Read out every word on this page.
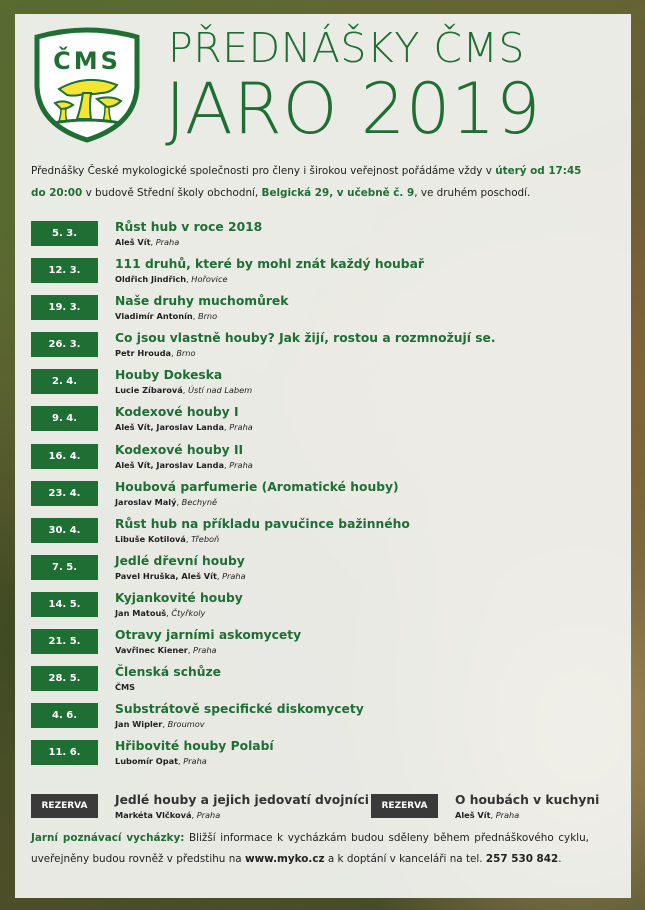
ČMS PŘEDNÁŠKY ČMS
JARO 2019
Přednášky České mykologické společnosti pro členy i širokou veřejnost pořádáme vždy v úterý od 17:45 do 20:00 v budově Střední školy obchodní, Belgická 29, v učebně č. 9, ve druhém poschodí.
5. 3.	Růst hub v roce 2018
Aleš Vít, Praha
12. 3.	111 druhů, které by mohl znát každý houbař
Oldřich Jindřich, Hořovice
19. 3.	Naše druhy muchomůrek
Vladimír Antonín, Brno
26. 3.	Co jsou vlastně houby? Jak žijí, rostou a rozmnožují se.
Petr Hrouda, Brno
2. 4.	Houby Dokeska
Lucie Zíbarová, Ústí nad Labem
9. 4.	Kodexové houby I
Aleš Vít, Jaroslav Landa, Praha
16. 4.	Kodexové houby II
Aleš Vít, Jaroslav Landa, Praha
23. 4.	Houbová parfumerie (Aromatické houby)
Jaroslav Malý, Bechyně
30. 4.	Růst hub na příkladu pavučince bažinného
Libuše Kotilová, Třeboň
7. 5.	Jedlé dřevní houby
Pavel Hruška, Aleš Vít, Praha
14. 5.	Kyjankovité houby
Jan Matouš, Čtyřkoly
21. 5.	Otravy jarními askomycety
Vavřinec Kiener, Praha
28. 5.	Členská schůze
ČMS
4. 6.	Substrátově specifické diskomycety
Jan Wipler, Broumov
11. 6.	Hřibovité houby Polabí
Lubomír Opat, Praha
REZERVA	Jedlé houby a jejich jedovatí dvojníci
Markéta Vlčková, Praha
REZERVA	O houbách v kuchyni
Aleš Vít, Praha
Jarní poznávací vycházky: Bližší informace k vycházkám budou sděleny během přednáškového cyklu, uveřejněny budou rovněž v předstihu na www.myko.cz a k doptání v kanceláři na tel. 257 530 842.
